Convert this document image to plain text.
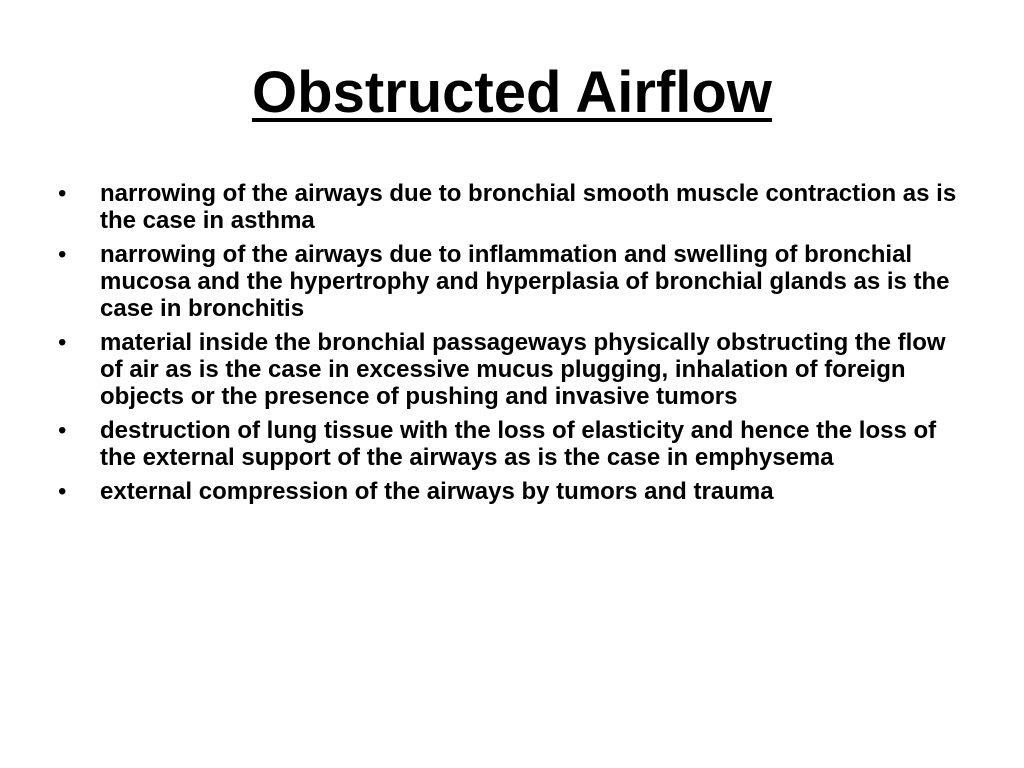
Obstructed Airflow
• narrowing of the airways due to bronchial smooth muscle contraction as is the case in asthma
• narrowing of the airways due to inflammation and swelling of bronchial mucosa and the hypertrophy and hyperplasia of bronchial glands as is the case in bronchitis
• material inside the bronchial passageways physically obstructing the flow of air as is the case in excessive mucus plugging, inhalation of foreign objects or the presence of pushing and invasive tumors
• destruction of lung tissue with the loss of elasticity and hence the loss of the external support of the airways as is the case in emphysema
• external compression of the airways by tumors and trauma
